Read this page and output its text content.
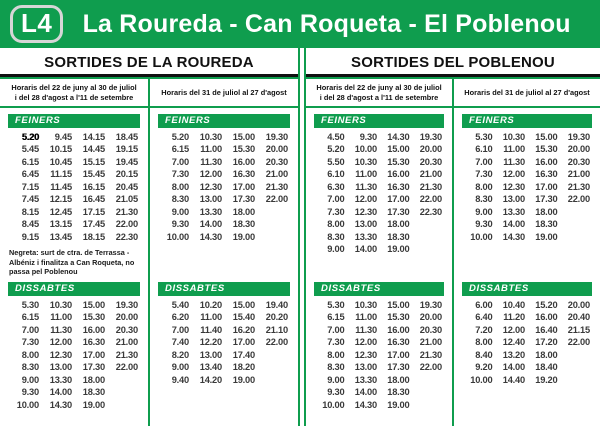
L4	La Roureda - Can Roqueta - El Poblenou
SORTIDES DE LA ROUREDA
Horaris del 22 de juny al 30 de juliol
i del 28 d'agost a l'11 de setembre
FEINERS
5.20	9.45	14.15	18.45
5.45	10.15	14.45	19.15
6.15	10.45	15.15	19.45
6.45	11.15	15.45	20.15
7.15	11.45	16.15	20.45
7.45	12.15	16.45	21.05
8.15	12.45	17.15	21.30
8.45	13.15	17.45	22.00
9.15	13.45	18.15	22.30
Negreta: surt de ctra. de Terrassa - Albéniz i finalitza a Can Roqueta, no passa pel Poblenou
DISSABTES
5.30	10.30	15.00	19.30
6.15	11.00	15.30	20.00
7.00	11.30	16.00	20.30
7.30	12.00	16.30	21.00
8.00	12.30	17.00	21.30
8.30	13.00	17.30	22.00
9.00	13.30	18.00
9.30	14.00	18.30
10.00	14.30	19.00
Horaris del 31 de juliol al 27 d'agost
FEINERS
5.20	10.30	15.00	19.30
6.15	11.00	15.30	20.00
7.00	11.30	16.00	20.30
7.30	12.00	16.30	21.00
8.00	12.30	17.00	21.30
8.30	13.00	17.30	22.00
9.00	13.30	18.00
9.30	14.00	18.30
10.00	14.30	19.00
DISSABTES
5.40	10.20	15.00	19.40
6.20	11.00	15.40	20.20
7.00	11.40	16.20	21.10
7.40	12.20	17.00	22.00
8.20	13.00	17.40
9.00	13.40	18.20
9.40	14.20	19.00
SORTIDES DEL POBLENOU
Horaris del 22 de juny al 30 de juliol
i del 28 d'agost a l'11 de setembre
FEINERS
4.50	9.30	14.30	19.30
5.20	10.00	15.00	20.00
5.50	10.30	15.30	20.30
6.10	11.00	16.00	21.00
6.30	11.30	16.30	21.30
7.00	12.00	17.00	22.00
7.30	12.30	17.30	22.30
8.00	13.00	18.00
8.30	13.30	18.30
9.00	14.00	19.00
DISSABTES
5.30	10.30	15.00	19.30
6.15	11.00	15.30	20.00
7.00	11.30	16.00	20.30
7.30	12.00	16.30	21.00
8.00	12.30	17.00	21.30
8.30	13.00	17.30	22.00
9.00	13.30	18.00
9.30	14.00	18.30
10.00	14.30	19.00
Horaris del 31 de juliol al 27 d'agost
FEINERS
5.30	10.30	15.00	19.30
6.10	11.00	15.30	20.00
7.00	11.30	16.00	20.30
7.30	12.00	16.30	21.00
8.00	12.30	17.00	21.30
8.30	13.00	17.30	22.00
9.00	13.30	18.00
9.30	14.00	18.30
10.00	14.30	19.00
DISSABTES
6.00	10.40	15.20	20.00
6.40	11.20	16.00	20.40
7.20	12.00	16.40	21.15
8.00	12.40	17.20	22.00
8.40	13.20	18.00
9.20	14.00	18.40
10.00	14.40	19.20
